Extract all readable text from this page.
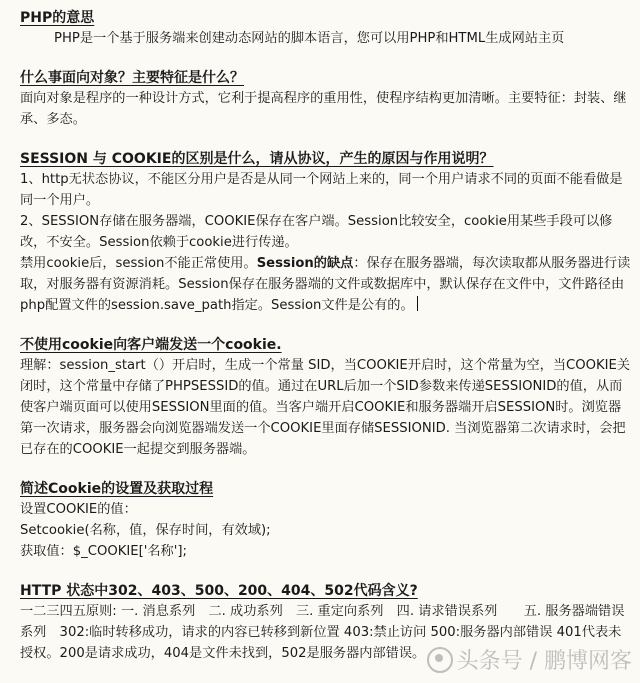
PHP的意思

PHP是一个基于服务端来创建动态网站的脚本语言，您可以用PHP和HTML生成网站主页

什么事面向对象？主要特征是什么？

面向对象是程序的一种设计方式，它利于提高程序的重用性，使程序结构更加清晰。主要特征：封装、继承、多态。

SESSION 与 COOKIE的区别是什么，请从协议，产生的原因与作用说明？

1、http无状态协议，不能区分用户是否是从同一个网站上来的，同一个用户请求不同的页面不能看做是同一个用户。

2、SESSION存储在服务器端，COOKIE保存在客户端。Session比较安全，cookie用某些手段可以修改，不安全。Session依赖于cookie进行传递。

禁用cookie后，session不能正常使用。Session的缺点：保存在服务器端，每次读取都从服务器进行读取，对服务器有资源消耗。Session保存在服务器端的文件或数据库中，默认保存在文件中，文件路径由php配置文件的session.save_path指定。Session文件是公有的。

不使用cookie向客户端发送一个cookie.

理解：session_start（）开启时，生成一个常量 SID，当COOKIE开启时，这个常量为空，当COOKIE关闭时，这个常量中存储了PHPSESSID的值。通过在URL后加一个SID参数来传递SESSIONID的值，从而使客户端页面可以使用SESSION里面的值。当客户端开启COOKIE和服务器端开启SESSION时。浏览器第一次请求，服务器会向浏览器端发送一个COOKIE里面存储SESSIONID. 当浏览器第二次请求时，会把已存在的COOKIE一起提交到服务器端。

简述Cookie的设置及获取过程

设置COOKIE的值：

Setcookie(名称，值，保存时间，有效域);

获取值：$_COOKIE['名称'];

HTTP 状态中302、403、500、200、404、502代码含义?

一二三四五原则: 一. 消息系列　二. 成功系列　三. 重定向系列　四. 请求错误系列　　五. 服务器端错误系列　302:临时转移成功，请求的内容已转移到新位置 403:禁止访问 500:服务器内部错误 401代表未授权。200是请求成功，404是文件未找到，502是服务器内部错误。	头条号 / 鹏博网客
